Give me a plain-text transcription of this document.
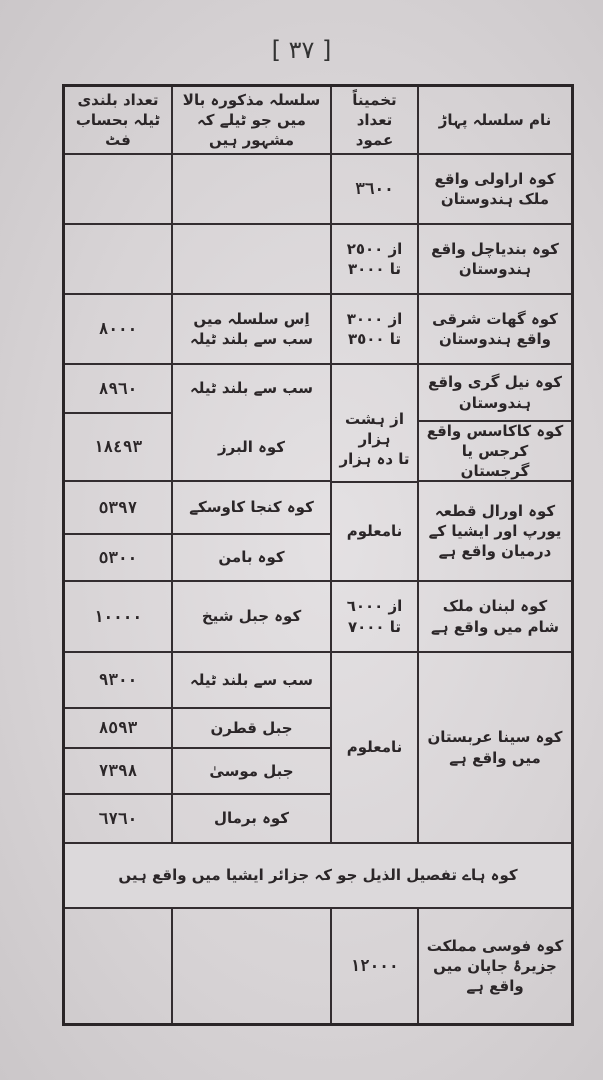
[ ٣٧ ]
کوہ ہاے تفصیل الذیل جو کہ جزائر ایشیا میں واقع ہیں
نام سلسلہ پہاڑ
تخمیناً تعداد عمود
سلسلہ مذکورہ بالا میں جو ٹیلے کہ مشہور ہیں
تعداد بلندی ٹیلہ بحساب فٹ
کوہ اراولی واقع ملک ہندوستان
٣٦٠٠
کوہ بندیاچل واقع ہندوستان
از ٢٥٠٠
تا ٣٠٠٠
کوہ گھات شرقی واقع ہندوستان
از ٣٠٠٠
تا ٣٥٠٠
اِس سلسلہ میں سب سے بلند ٹیلہ
٨٠٠٠
کوہ نیل گری واقع ہندوستان
سب سے بلند ٹیلہ
٨٩٦٠
کوہ کاکاسس واقع کرجس یا گرجستان
از ہشت ہزار
تا دہ ہزار
کوہ البرز
١٨٤٩٣
کوہ اورال قطعہ یورپ اور ایشیا کے درمیان واقع ہے
نامعلوم
کوہ کنجا کاوسکے
٥٣٩٧
کوہ بامن
٥٣٠٠
کوہ لبنان ملک شام میں واقع ہے
از ٦٠٠٠
تا ٧٠٠٠
کوہ جبل شیخ
١٠٠٠٠
کوہ سینا عربستان میں واقع ہے
نامعلوم
سب سے بلند ٹیلہ
٩٣٠٠
جبل قطرن
٨٥٩٣
جبل موسیٰ
٧٣٩٨
کوہ برمال
٦٧٦٠
کوہ فوسی مملکت جزیرۂ جاپان میں واقع ہے
١٢٠٠٠
